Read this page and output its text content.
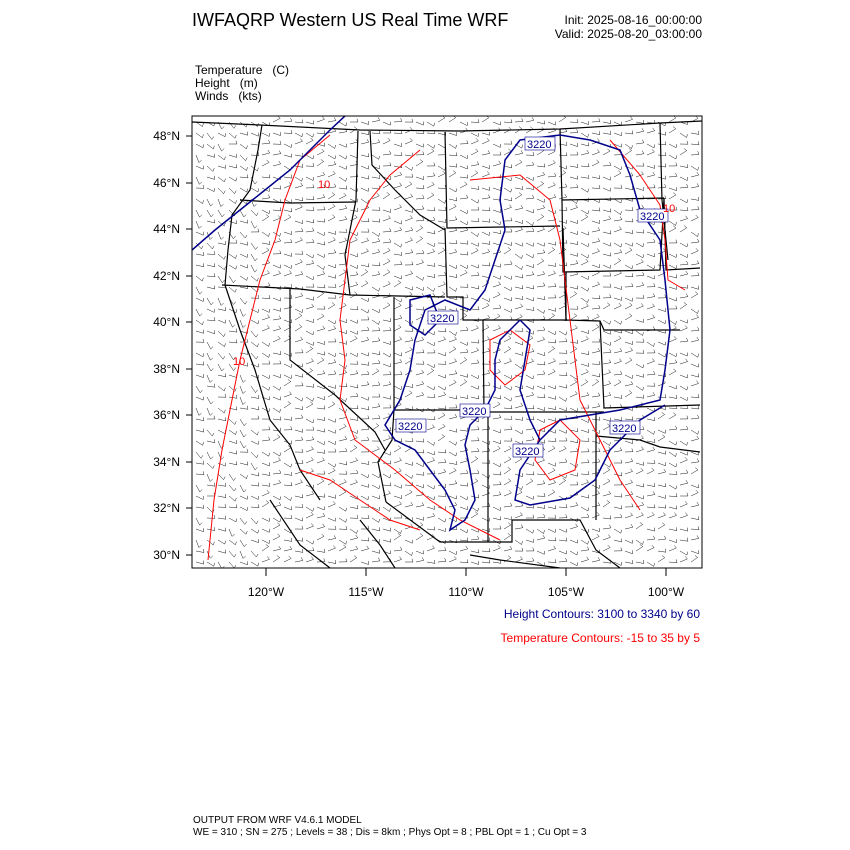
IWFAQRP Western US Real Time WRF	Init: 2025-08-16_00:00:00
Valid: 2025-08-20_03:00:00
Temperature (C)
Height (m)
Winds (kts)
3220
3220
3220
3220
3220	3220
3220
10
10
10
48°N
46°N
44°N
42°N
40°N
38°N
36°N
34°N
32°N
30°N
120°W	115°W	110°W	105°W	100°W
Height Contours: 3100 to 3340 by 60
Temperature Contours: -15 to 35 by 5
OUTPUT FROM WRF V4.6.1 MODEL
WE = 310 ; SN = 275 ; Levels = 38 ; Dis = 8km ; Phys Opt = 8 ; PBL Opt = 1 ; Cu Opt = 3
